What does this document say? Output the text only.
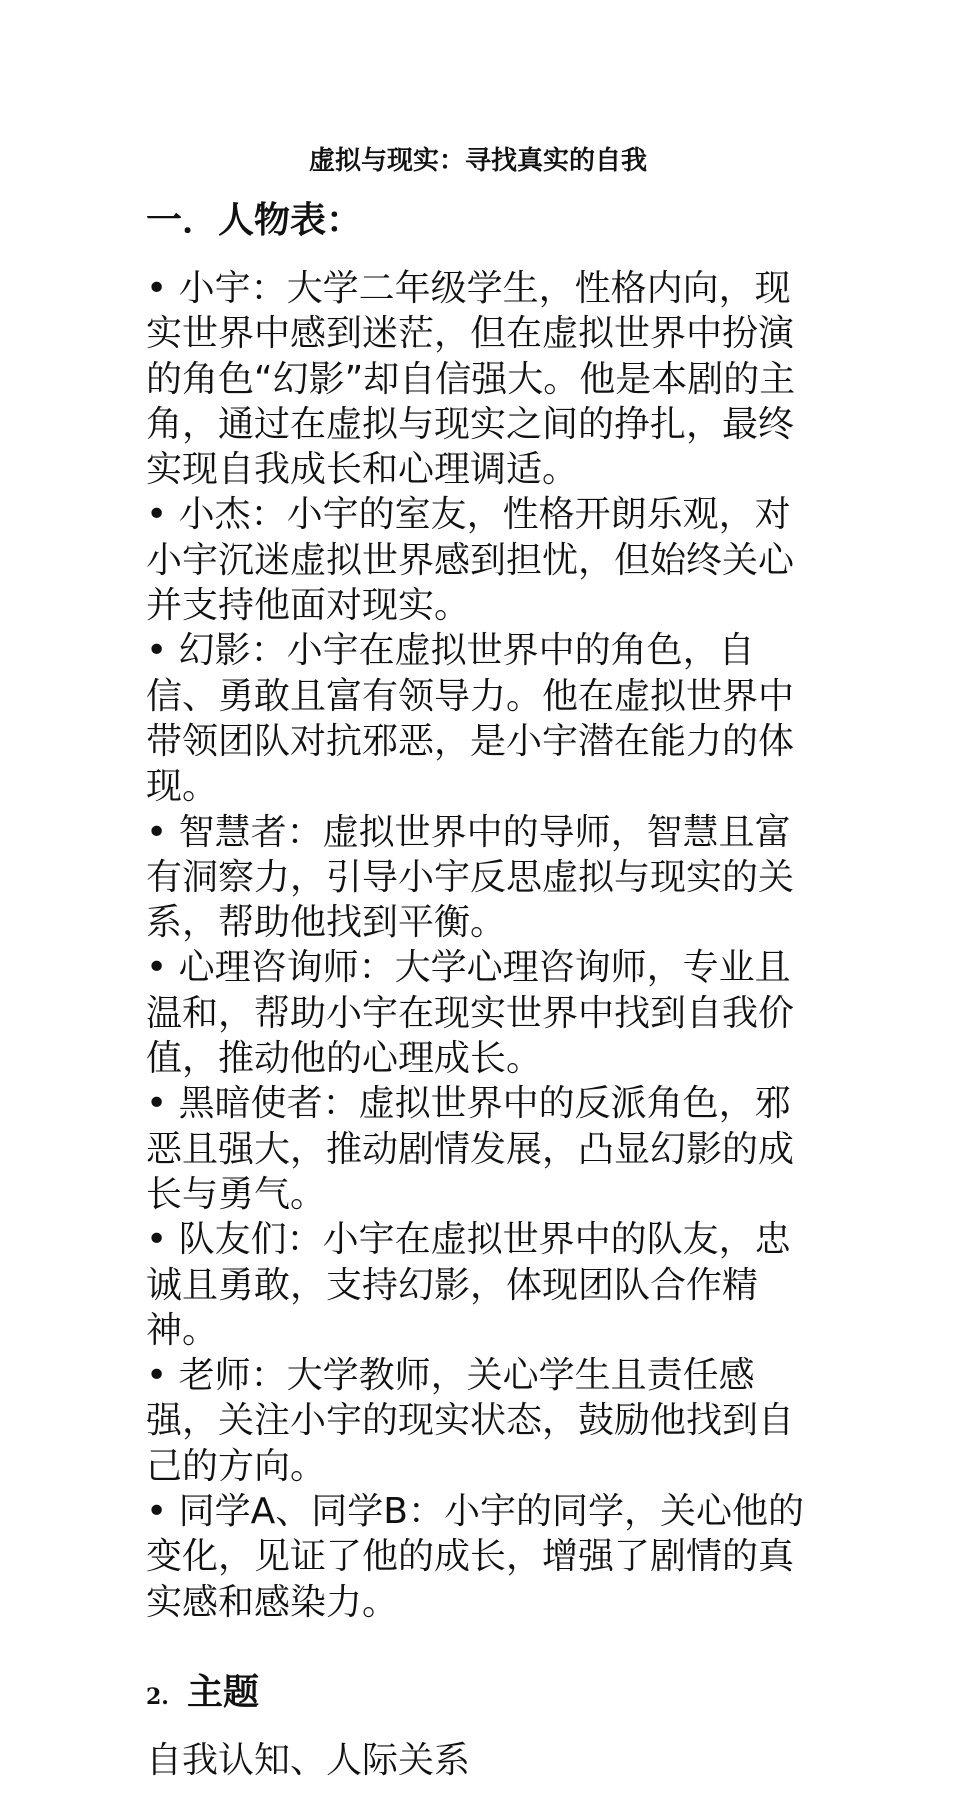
虚拟与现实：寻找真实的自我
一．人物表：
• 小宇：大学二年级学生，性格内向，现实世界中感到迷茫，但在虚拟世界中扮演的角色“幻影”却自信强大。他是本剧的主角，通过在虚拟与现实之间的挣扎，最终实现自我成长和心理调适。
• 小杰：小宇的室友，性格开朗乐观，对小宇沉迷虚拟世界感到担忧，但始终关心并支持他面对现实。
• 幻影：小宇在虚拟世界中的角色，自信、勇敢且富有领导力。他在虚拟世界中带领团队对抗邪恶，是小宇潜在能力的体现。
• 智慧者：虚拟世界中的导师，智慧且富有洞察力，引导小宇反思虚拟与现实的关系，帮助他找到平衡。
• 心理咨询师：大学心理咨询师，专业且温和，帮助小宇在现实世界中找到自我价值，推动他的心理成长。
• 黑暗使者：虚拟世界中的反派角色，邪恶且强大，推动剧情发展，凸显幻影的成长与勇气。
• 队友们：小宇在虚拟世界中的队友，忠诚且勇敢，支持幻影，体现团队合作精神。
• 老师：大学教师，关心学生且责任感强，关注小宇的现实状态，鼓励他找到自己的方向。
• 同学A、同学B：小宇的同学，关心他的变化，见证了他的成长，增强了剧情的真实感和感染力。
2. 主题
自我认知、人际关系
